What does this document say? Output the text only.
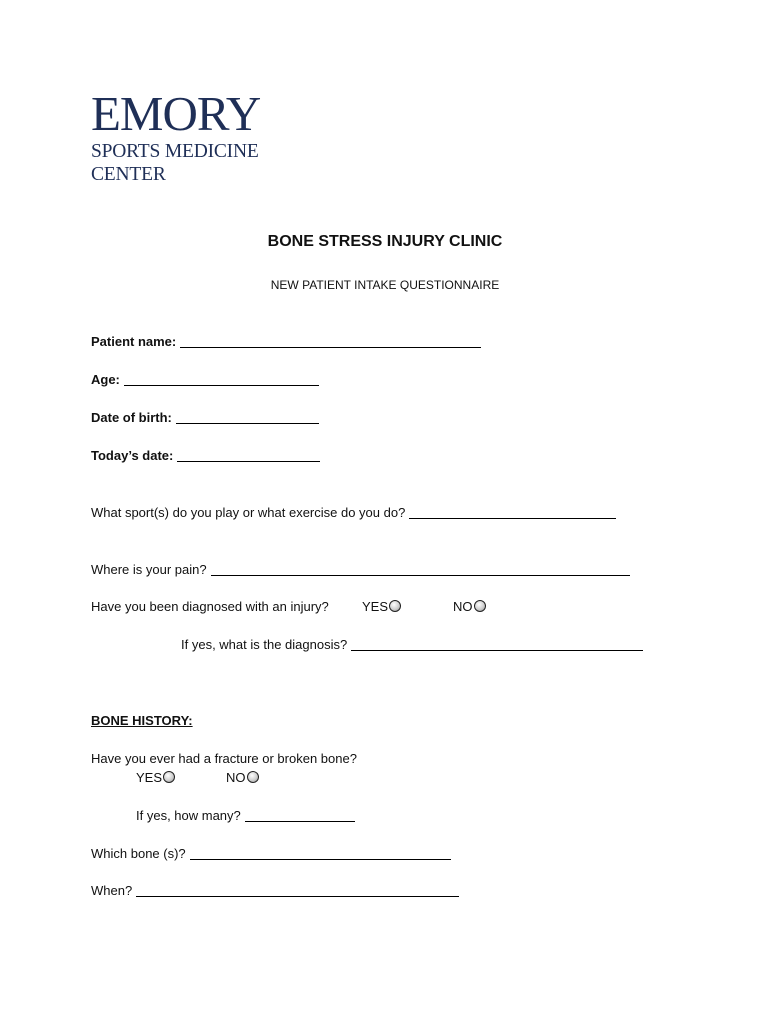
EMORY
SPORTS MEDICINE
CENTER
BONE STRESS INJURY CLINIC
NEW PATIENT INTAKE QUESTIONNAIRE
Patient name:
Age:
Date of birth:
Today’s date:
What sport(s) do you play or what exercise do you do?
Where is your pain?
Have you been diagnosed with an injury?	YES	NO
If yes, what is the diagnosis?
BONE HISTORY:
Have you ever had a fracture or broken bone?
YES	NO
If yes, how many?
Which bone (s)?
When?
